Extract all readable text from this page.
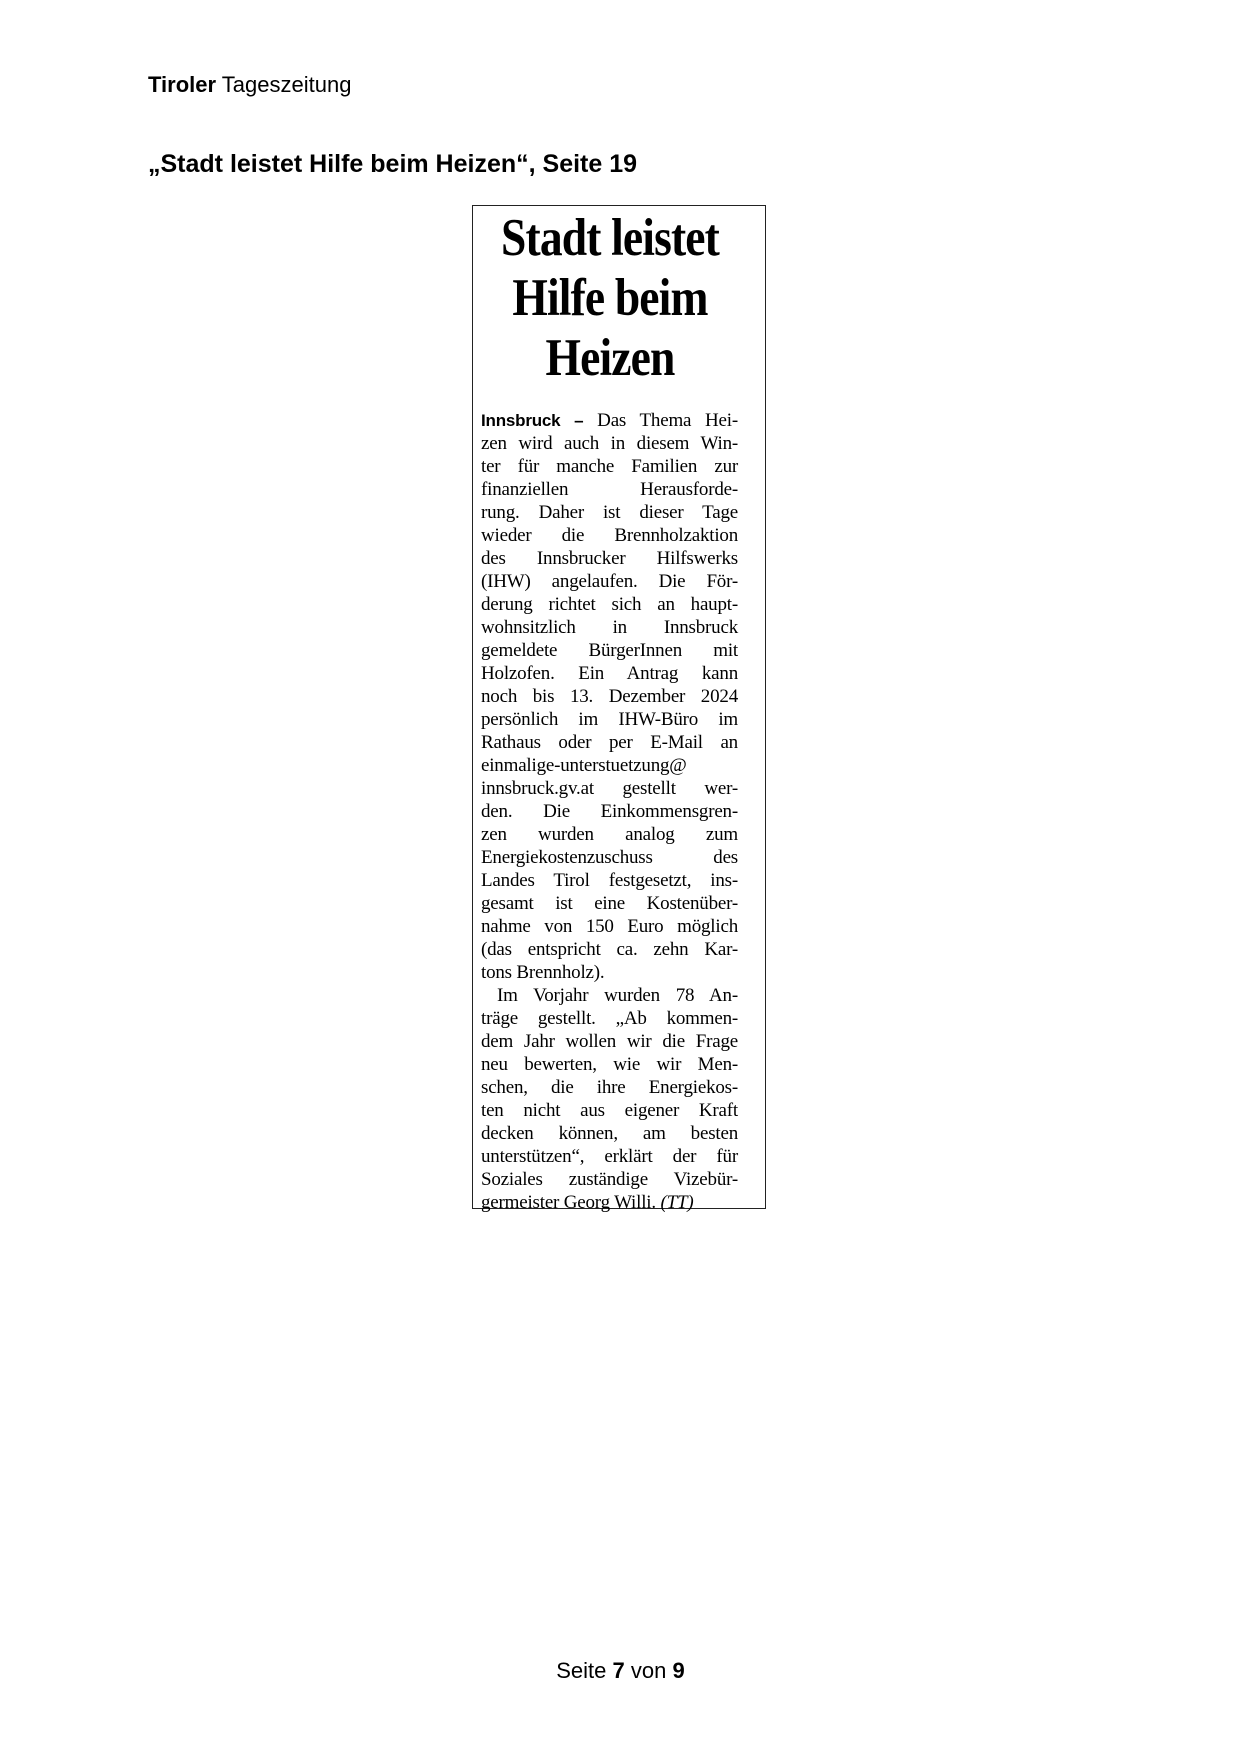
Tiroler Tageszeitung
„Stadt leistet Hilfe beim Heizen“, Seite 19
Stadt leistet
Hilfe beim
Heizen
Innsbruck – Das Thema Hei-
zen wird auch in diesem Win-
ter für manche Familien zur
finanziellen Herausforde-
rung. Daher ist dieser Tage
wieder die Brennholzaktion
des Innsbrucker Hilfswerks
(IHW) angelaufen. Die För-
derung richtet sich an haupt-
wohnsitzlich in Innsbruck
gemeldete BürgerInnen mit
Holzofen. Ein Antrag kann
noch bis 13. Dezember 2024
persönlich im IHW-Büro im
Rathaus oder per E-Mail an
einmalige-unterstuetzung@
innsbruck.gv.at gestellt wer-
den. Die Einkommensgren-
zen wurden analog zum
Energiekostenzuschuss des
Landes Tirol festgesetzt, ins-
gesamt ist eine Kostenüber-
nahme von 150 Euro möglich
(das entspricht ca. zehn Kar-
tons Brennholz).
Im Vorjahr wurden 78 An-
träge gestellt. „Ab kommen-
dem Jahr wollen wir die Frage
neu bewerten, wie wir Men-
schen, die ihre Energiekos-
ten nicht aus eigener Kraft
decken können, am besten
unterstützen“, erklärt der für
Soziales zuständige Vizebür-
germeister Georg Willi. (TT)
Seite 7 von 9
